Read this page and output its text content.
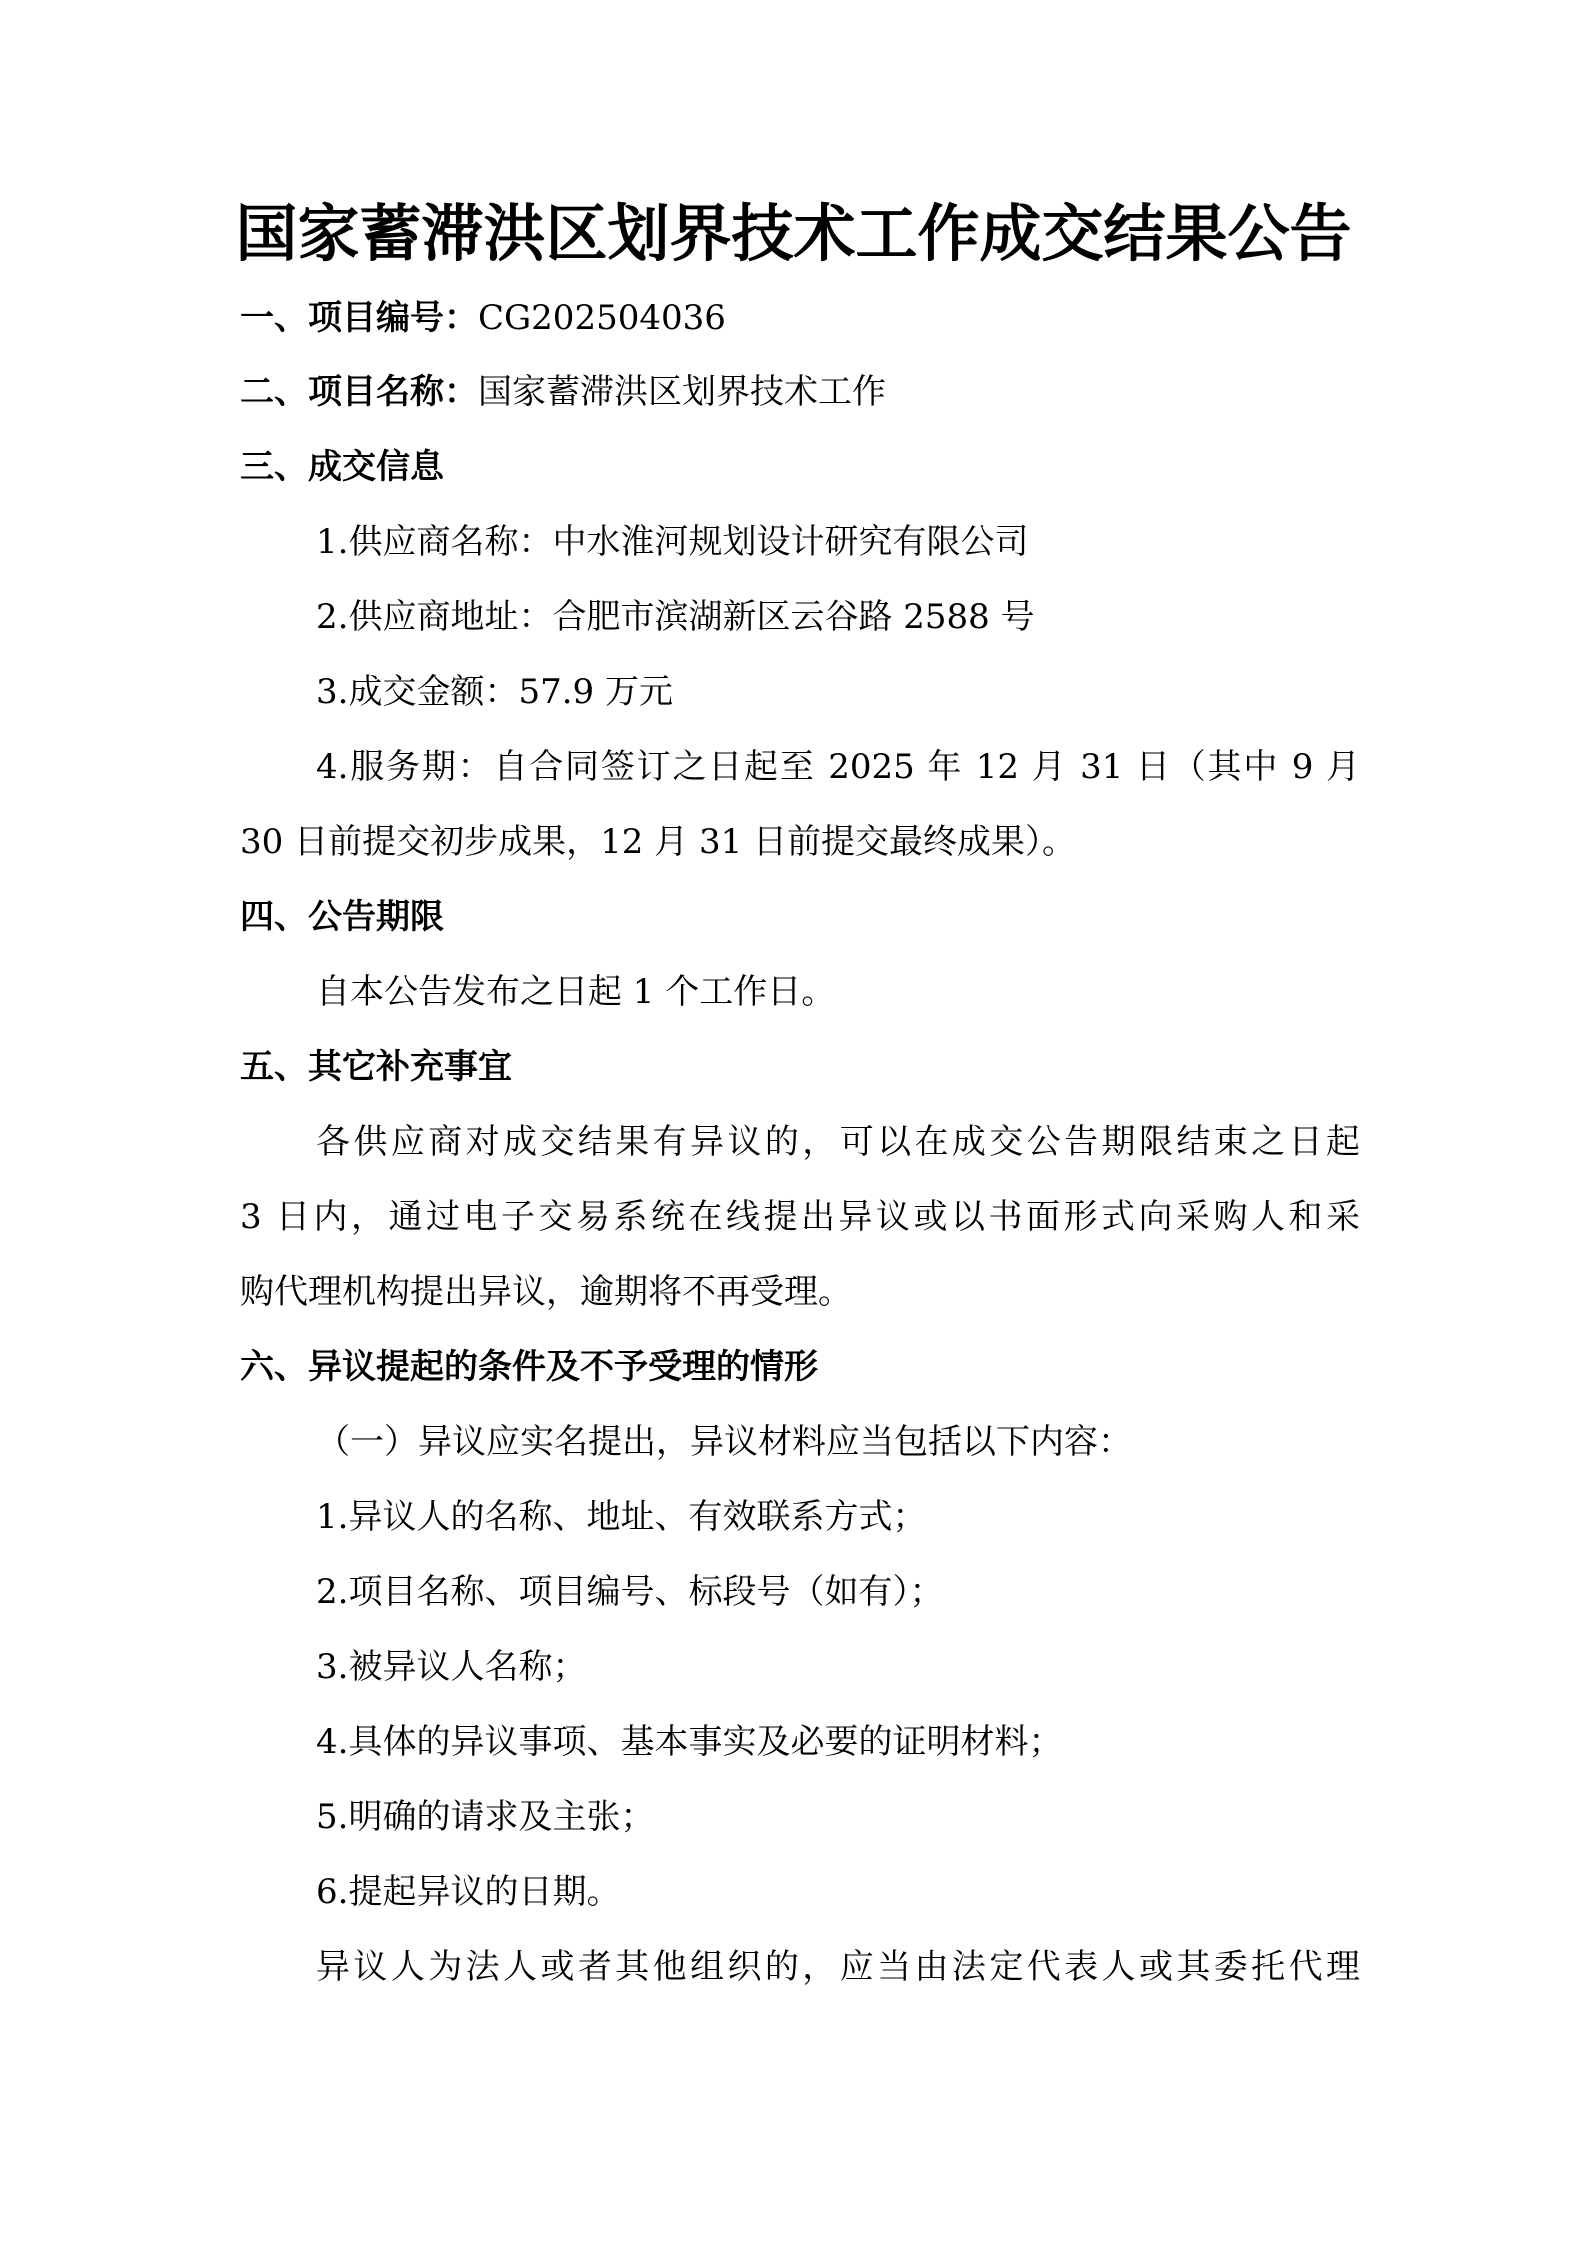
国家蓄滞洪区划界技术工作成交结果公告
一、项目编号：CG202504036
二、项目名称：国家蓄滞洪区划界技术工作
三、成交信息
1.供应商名称：中水淮河规划设计研究有限公司
2.供应商地址：合肥市滨湖新区云谷路 2588 号
3.成交金额：57.9 万元
4.服务期：自合同签订之日起至 2025 年 12 月 31 日（其中 9 月
30 日前提交初步成果，12 月 31 日前提交最终成果）。
四、公告期限
自本公告发布之日起 1 个工作日。
五、其它补充事宜
各供应商对成交结果有异议的，可以在成交公告期限结束之日起
3 日内，通过电子交易系统在线提出异议或以书面形式向采购人和采
购代理机构提出异议，逾期将不再受理。
六、异议提起的条件及不予受理的情形
（一）异议应实名提出，异议材料应当包括以下内容：
1.异议人的名称、地址、有效联系方式；
2.项目名称、项目编号、标段号（如有）；
3.被异议人名称；
4.具体的异议事项、基本事实及必要的证明材料；
5.明确的请求及主张；
6.提起异议的日期。
异议人为法人或者其他组织的，应当由法定代表人或其委托代理
